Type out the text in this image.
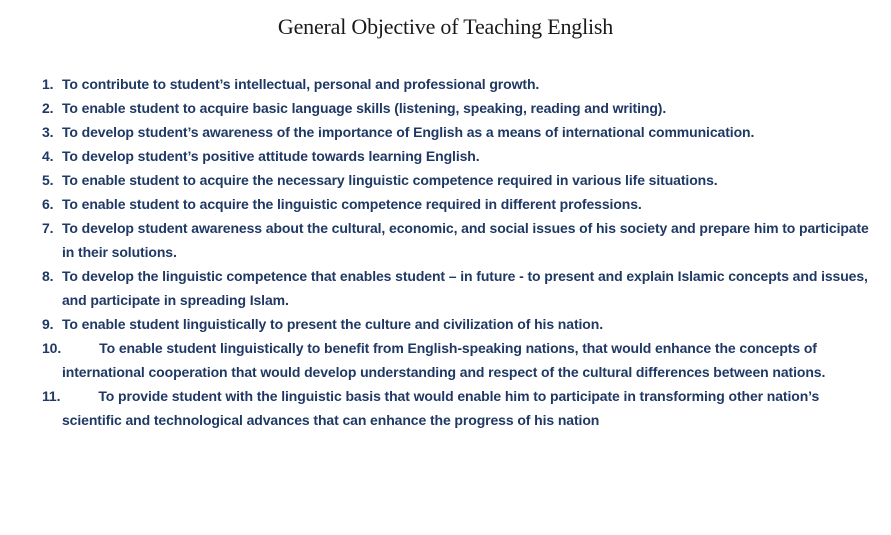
General Objective of Teaching English
1. To contribute to student’s intellectual, personal and professional growth.
2. To enable student to acquire basic language skills (listening, speaking, reading and writing).
3. To develop student’s awareness of the importance of English as a means of international communication.
4. To develop student’s positive attitude towards learning English.
5. To enable student to acquire the necessary linguistic competence required in various life situations.
6. To enable student to acquire the linguistic competence required in different professions.
7. To develop student awareness about the cultural, economic, and social issues of his society and prepare him to participate in their solutions.
8. To develop the linguistic competence that enables student – in future - to present and explain Islamic concepts and issues, and participate in spreading Islam.
9. To enable student linguistically to present the culture and civilization of his nation.
10.	To enable student linguistically to benefit from English-speaking nations, that would enhance the concepts of international cooperation that would develop understanding and respect of the cultural differences between nations.
11.	To provide student with the linguistic basis that would enable him to participate in transforming other nation’s scientific and technological advances that can enhance the progress of his nation
